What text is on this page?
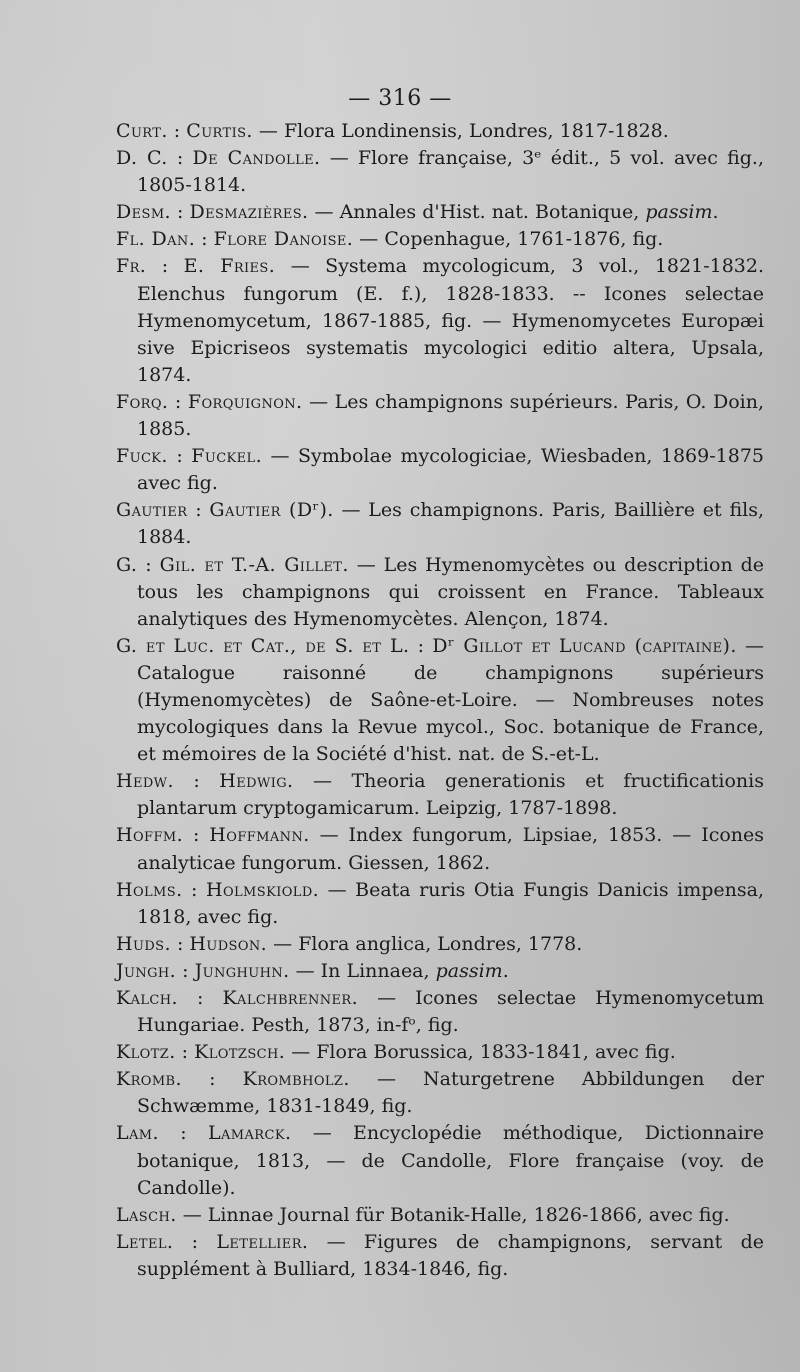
— 316 —

Curt. : Curtis. — Flora Londinensis, Londres, 1817-1828.

D. C. : De Candolle. — Flore française, 3ᵉ édit., 5 vol. avec fig., 1805-1814.

Desm. : Desmazières. — Annales d'Hist. nat. Botanique, passim.

Fl. Dan. : Flore Danoise. — Copenhague, 1761-1876, fig.

Fr. : E. Fries. — Systema mycologicum, 3 vol., 1821-1832. Elenchus fungorum (E. f.), 1828-1833. -- Icones selectae Hymenomycetum, 1867-1885, fig. — Hymenomycetes Europæi sive Epicriseos systematis mycologici editio altera, Upsala, 1874.

Forq. : Forquignon. — Les champignons supérieurs. Paris, O. Doin, 1885.

Fuck. : Fuckel. — Symbolae mycologiciae, Wiesbaden, 1869-1875 avec fig.

Gautier : Gautier (Dʳ). — Les champignons. Paris, Baillière et fils, 1884.

G. : Gil. et T.-A. Gillet. — Les Hymenomycètes ou description de tous les champignons qui croissent en France. Tableaux analytiques des Hymenomycètes. Alençon, 1874.

G. et Luc. et Cat., de S. et L. : Dʳ Gillot et Lucand (capitaine). — Catalogue raisonné de champignons supérieurs (Hymenomycètes) de Saône-et-Loire. — Nombreuses notes mycologiques dans la Revue mycol., Soc. botanique de France, et mémoires de la Société d'hist. nat. de S.-et-L.

Hedw. : Hedwig. — Theoria generationis et fructificationis plantarum cryptogamicarum. Leipzig, 1787-1898.

Hoffm. : Hoffmann. — Index fungorum, Lipsiae, 1853. — Icones analyticae fungorum. Giessen, 1862.

Holms. : Holmskiold. — Beata ruris Otia Fungis Danicis impensa, 1818, avec fig.

Huds. : Hudson. — Flora anglica, Londres, 1778.

Jungh. : Junghuhn. — In Linnaea, passim.

Kalch. : Kalchbrenner. — Icones selectae Hymenomycetum Hungariae. Pesth, 1873, in-fᵒ, fig.

Klotz. : Klotzsch. — Flora Borussica, 1833-1841, avec fig.

Kromb. : Krombholz. — Naturgetrene Abbildungen der Schwæmme, 1831-1849, fig.

Lam. : Lamarck. — Encyclopédie méthodique, Dictionnaire botanique, 1813, — de Candolle, Flore française (voy. de Candolle).

Lasch. — Linnae Journal für Botanik-Halle, 1826-1866, avec fig.

Letel. : Letellier. — Figures de champignons, servant de supplément à Bulliard, 1834-1846, fig.
